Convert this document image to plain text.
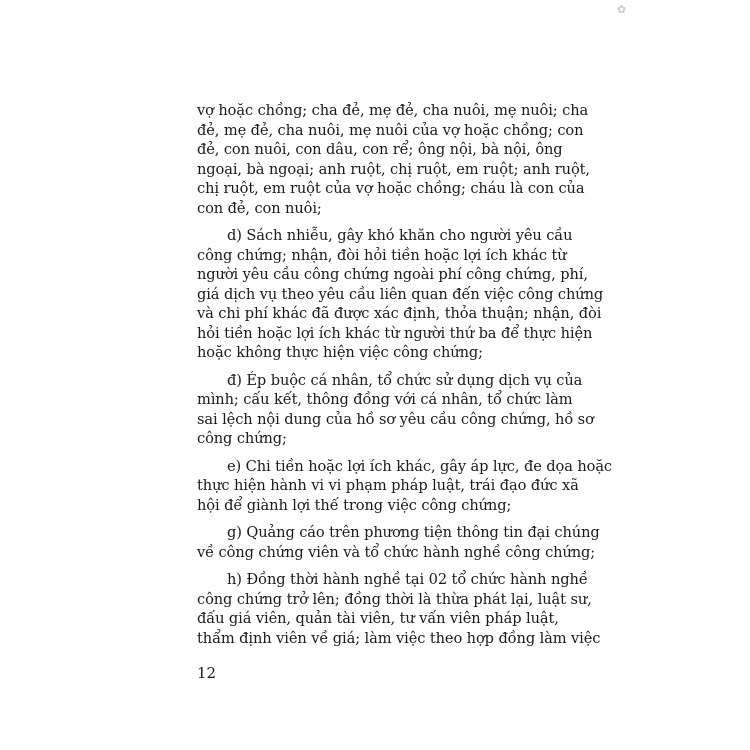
✿
vợ hoặc chồng; cha đẻ, mẹ đẻ, cha nuôi, mẹ nuôi; cha
đẻ, mẹ đẻ, cha nuôi, mẹ nuôi của vợ hoặc chồng; con
đẻ, con nuôi, con dâu, con rể; ông nội, bà nội, ông
ngoại, bà ngoại; anh ruột, chị ruột, em ruột; anh ruột,
chị ruột, em ruột của vợ hoặc chồng; cháu là con của
con đẻ, con nuôi;
d) Sách nhiễu, gây khó khăn cho người yêu cầu
công chứng; nhận, đòi hỏi tiền hoặc lợi ích khác từ
người yêu cầu công chứng ngoài phí công chứng, phí,
giá dịch vụ theo yêu cầu liên quan đến việc công chứng
và chi phí khác đã được xác định, thỏa thuận; nhận, đòi
hỏi tiền hoặc lợi ích khác từ người thứ ba để thực hiện
hoặc không thực hiện việc công chứng;
đ) Ép buộc cá nhân, tổ chức sử dụng dịch vụ của
mình; cấu kết, thông đồng với cá nhân, tổ chức làm
sai lệch nội dung của hồ sơ yêu cầu công chứng, hồ sơ
công chứng;
e) Chi tiền hoặc lợi ích khác, gây áp lực, đe dọa hoặc
thực hiện hành vi vi phạm pháp luật, trái đạo đức xã
hội để giành lợi thế trong việc công chứng;
g) Quảng cáo trên phương tiện thông tin đại chúng
về công chứng viên và tổ chức hành nghề công chứng;
h) Đồng thời hành nghề tại 02 tổ chức hành nghề
công chứng trở lên; đồng thời là thừa phát lại, luật sư,
đấu giá viên, quản tài viên, tư vấn viên pháp luật,
thẩm định viên về giá; làm việc theo hợp đồng làm việc
12
